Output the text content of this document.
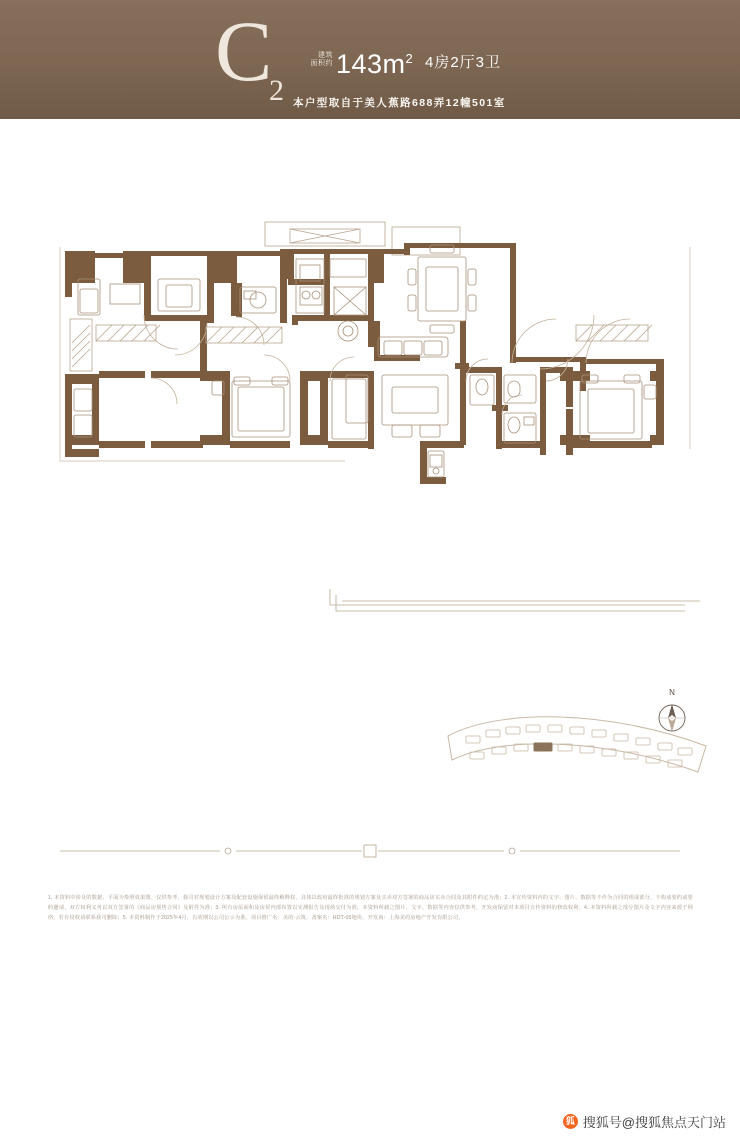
C
2
建筑
面积约 $143m^2$ 4房2厅3卫
本户型取自于美人蕉路688弄12幢501室
N
1. 本资料中涉及的数据、平面为参照效果图、仅供参考，我司对规划设计方案及配套设施保留最终解释权，具体以政府最终批准的规划方案及买卖双方签署的商品房买卖合同及其附件约定为准；2. 本宣传资料内的文字、图片、数据等不作为合同的组成部分，不构成要约或要约邀请，双方权利义务以双方签署的《商品房预售合同》及附件为准；3. 所有房屋面积及房屋内部布置以实测报告及现场交付为准，本资料所载之图片、文字、数据等内容仅供参考，开发商保留对本项目宣传资料的修改权利；4. 本资料所载之部分图片及文字内容来源于网络，若有侵权请联系我司删除；5. 本资料制作于2025年4月，有效期以公司公示为准。项目推广名：美的·云筑，备案名：HDT-05地块，开发商：上海美的房地产开发有限公司。
狐 搜狐号@搜狐焦点天门站
